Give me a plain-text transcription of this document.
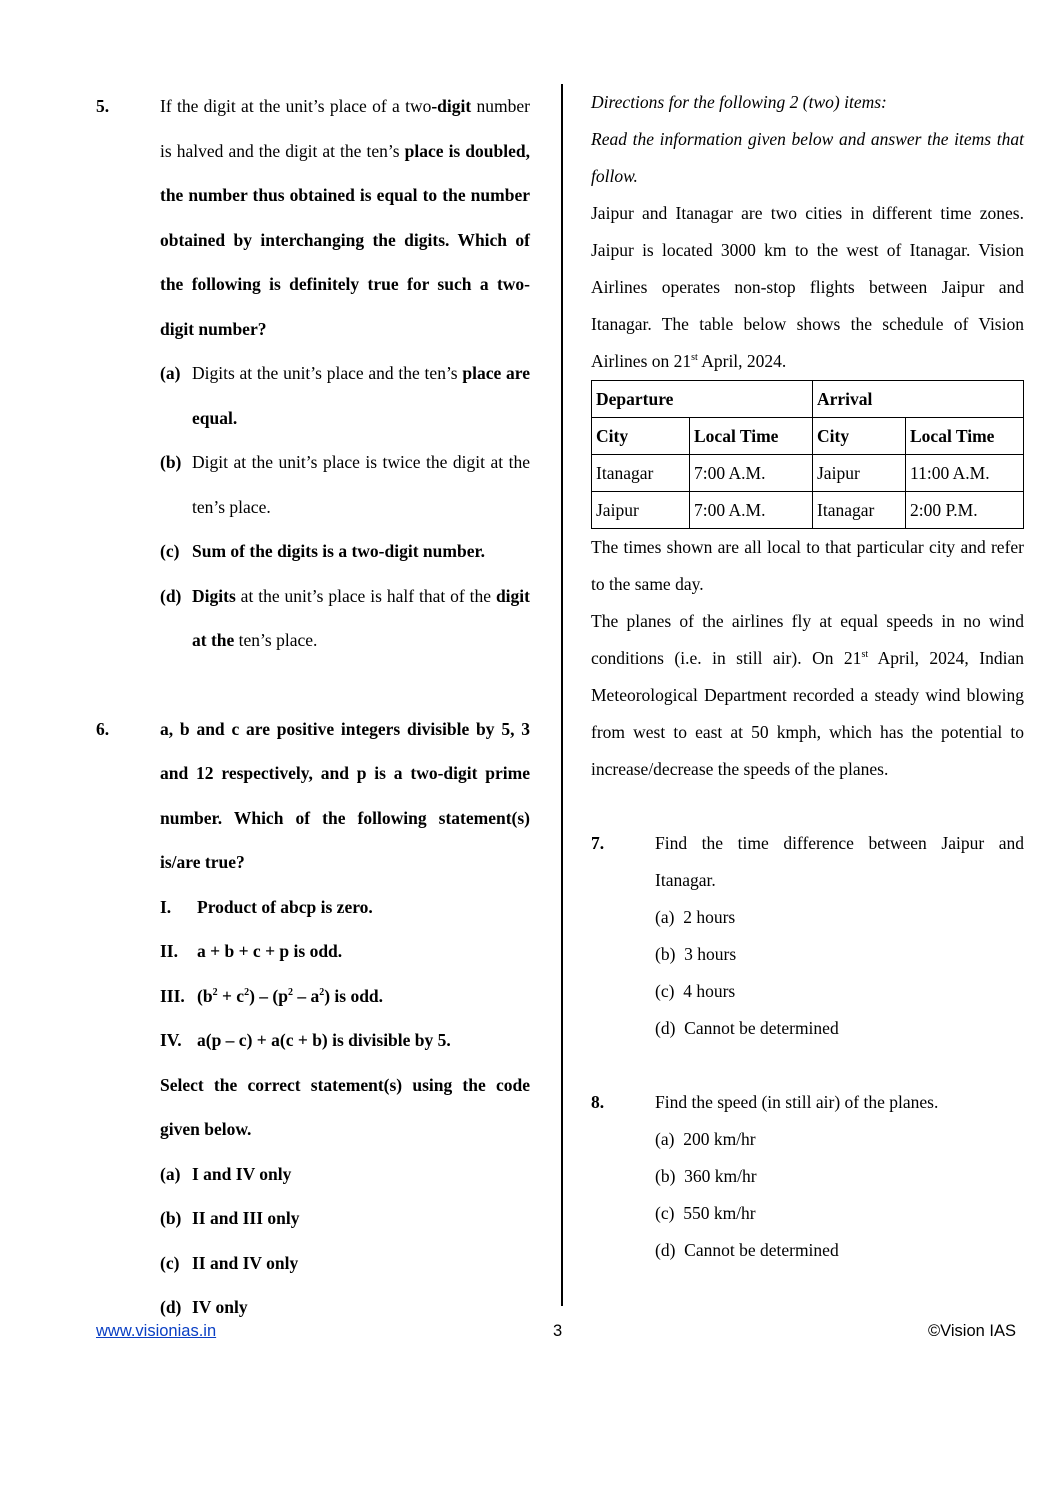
5.	If the digit at the unit’s place of a two-digit number is halved and the digit at the ten’s place is doubled, the number thus obtained is equal to the number obtained by interchanging the digits. Which of the following is definitely true for such a two-digit number?
(a) Digits at the unit’s place and the ten’s place are equal.
(b) Digit at the unit’s place is twice the digit at the ten’s place.
(c) Sum of the digits is a two-digit number.
(d) Digits at the unit’s place is half that of the digit at the ten’s place.
6.	a, b and c are positive integers divisible by 5, 3 and 12 respectively, and p is a two-digit prime number. Which of the following statement(s) is/are true?
I.	Product of abcp is zero.
II.	a + b + c + p is odd.
III. $(b^2 + c^2) - (p^2 - a^2)$ is odd.
IV. a(p – c) + a(c + b) is divisible by 5.
Select the correct statement(s) using the code given below.
(a) I and IV only
(b) II and III only
(c) II and IV only
(d) IV only
Directions for the following 2 (two) items:
Read the information given below and answer the items that follow.
Jaipur and Itanagar are two cities in different time zones. Jaipur is located 3000 km to the west of Itanagar. Vision Airlines operates non-stop flights between Jaipur and Itanagar. The table below shows the schedule of Vision Airlines on 21st April, 2024.
Departure		Arrival	
City	Local Time	City	Local Time
Itanagar	7:00 A.M.	Jaipur	11:00 A.M.
Jaipur	7:00 A.M.	Itanagar	2:00 P.M.
The times shown are all local to that particular city and refer to the same day.
The planes of the airlines fly at equal speeds in no wind conditions (i.e. in still air). On 21st April, 2024, Indian Meteorological Department recorded a steady wind blowing from west to east at 50 kmph, which has the potential to increase/decrease the speeds of the planes.
7.	Find the time difference between Jaipur and Itanagar.
(a) 2 hours
(b) 3 hours
(c) 4 hours
(d) Cannot be determined
8.	Find the speed (in still air) of the planes.
(a) 200 km/hr
(b) 360 km/hr
(c) 550 km/hr
(d) Cannot be determined
www.visionias.in	3	©Vision IAS
